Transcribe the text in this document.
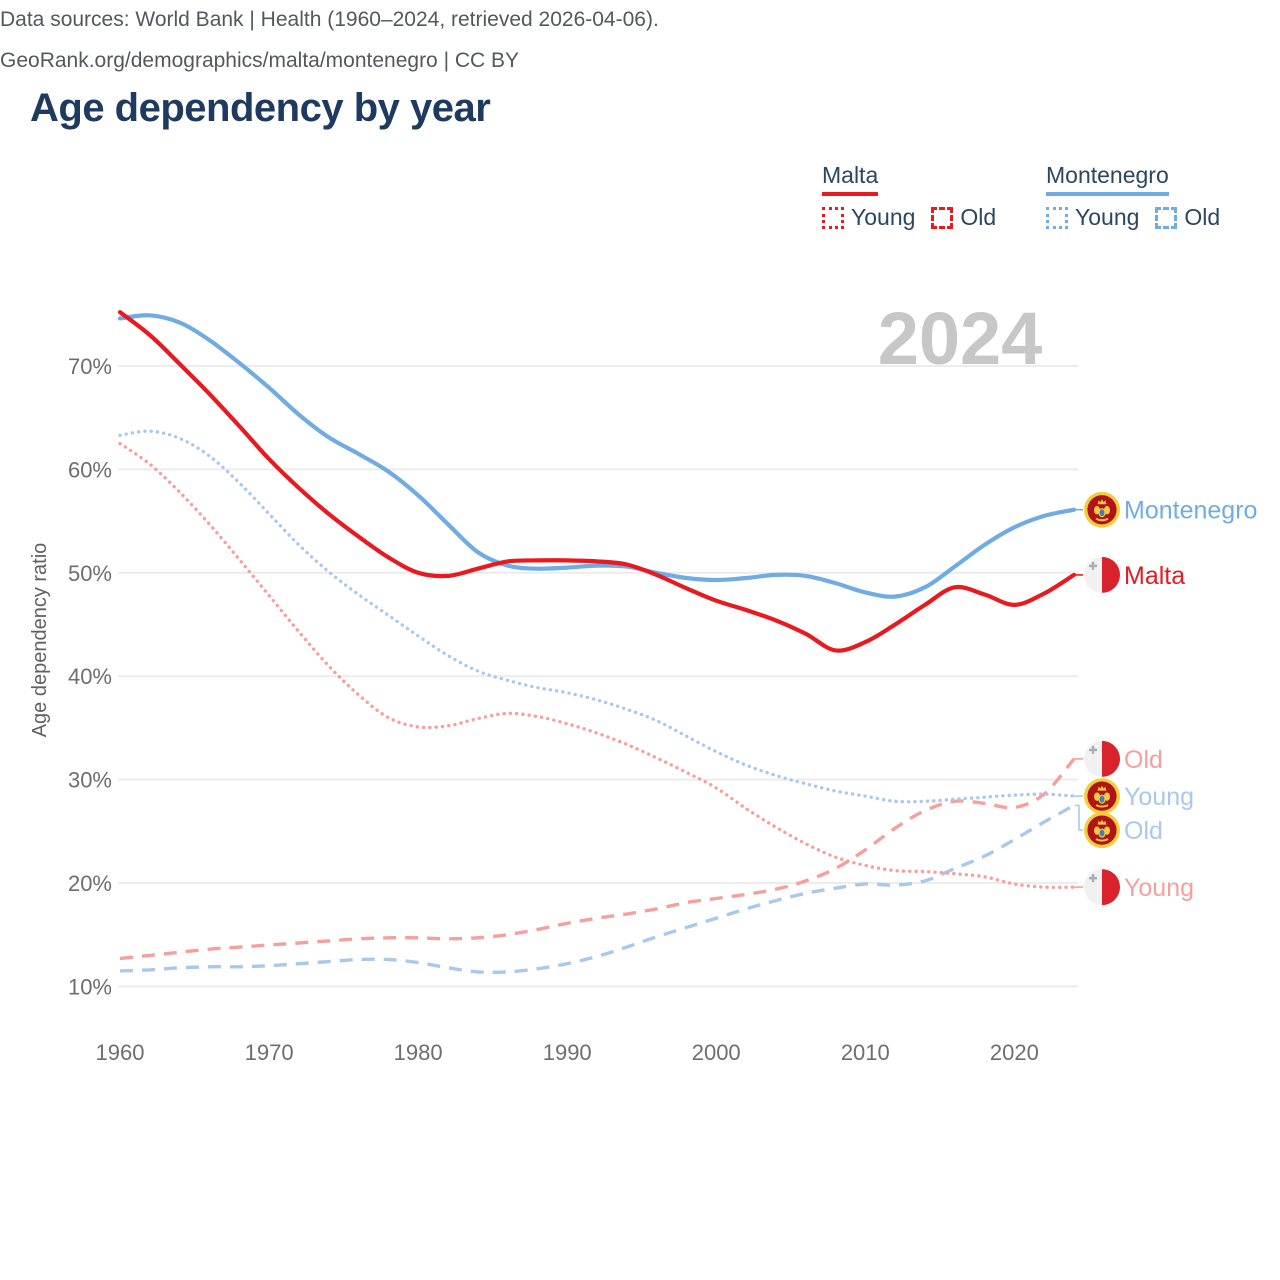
Age dependency by year
Malta
Young Old
Montenegro
Young Old
70%
60%
50%
40%
30%
20%
10%
1960	1970	1980	1990	2000	2010	2020
Age dependency ratio
2024
Montenegro
Malta
Old
Young
Old
Young
Data sources: World Bank | Health (1960–2024, retrieved 2026-04-06).
GeoRank.org/demographics/malta/montenegro | CC BY
